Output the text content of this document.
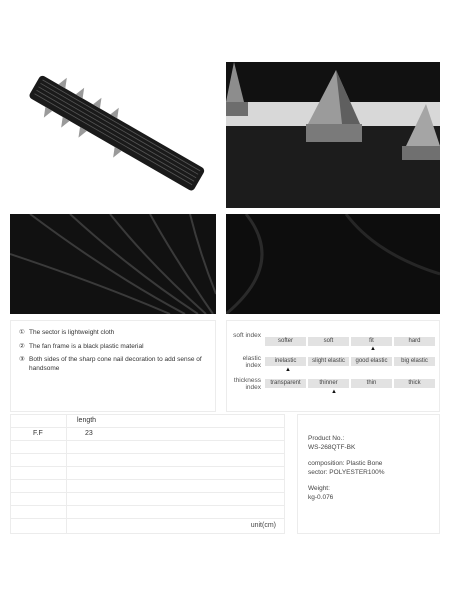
① The sector is lightweight cloth
② The fan frame is a black plastic material
③ Both sides of the sharp cone nail decoration to add sense of handsome
soft index
softer	soft	fit	hard
▲
elastic index
inelastic	slight elastic	good elastic	big elastic
▲
thickness index
transparent	thinner	thin	thick
▲
length
F.F	23
unit(cm)

Product No.:

WS-268QTF-BK

composition: Plastic Bone

sector: POLYESTER100%

Weight:

kg-0.076
